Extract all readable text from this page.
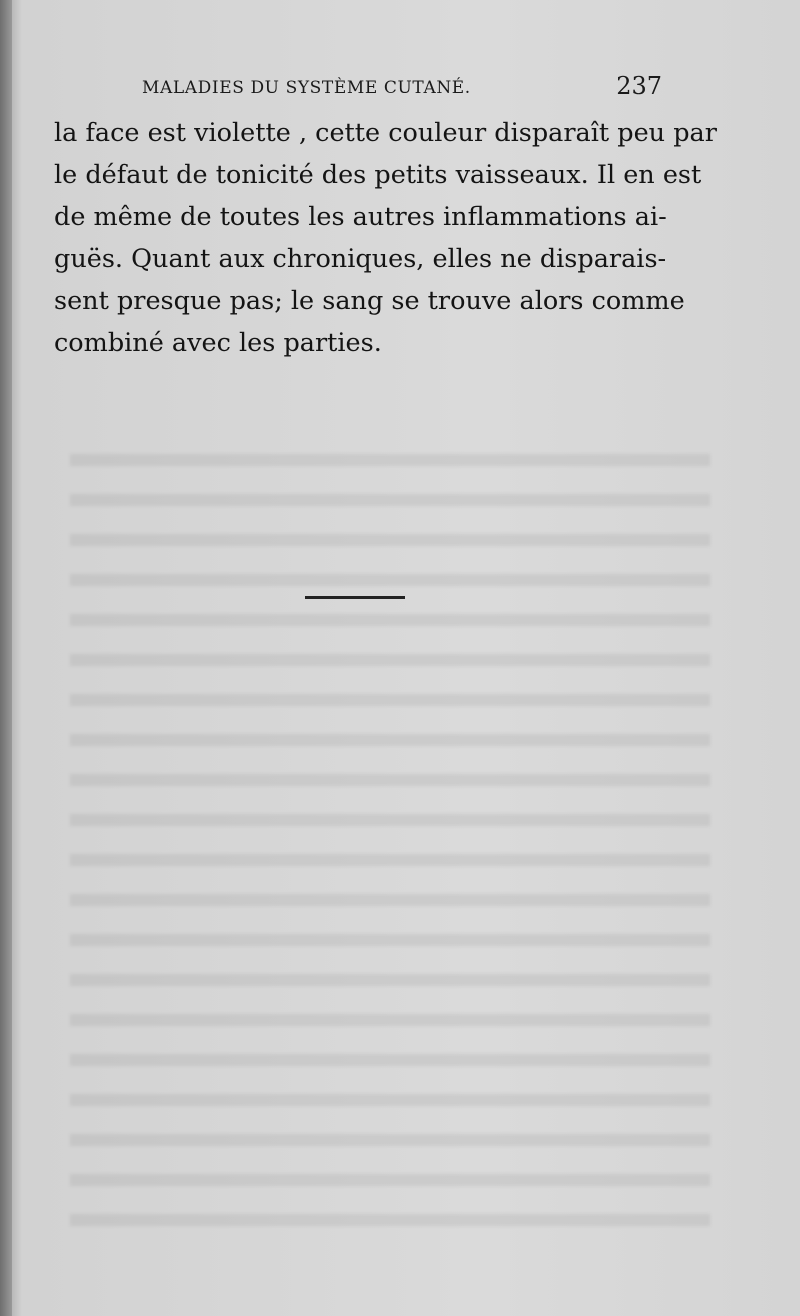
MALADIES DU SYSTÈME CUTANÉ.	237
la face est violette , cette couleur disparaît peu par
le défaut de tonicité des petits vaisseaux. Il en est
de même de toutes les autres inflammations ai-
guës. Quant aux chroniques, elles ne disparais-
sent presque pas; le sang se trouve alors comme
combiné avec les parties.
